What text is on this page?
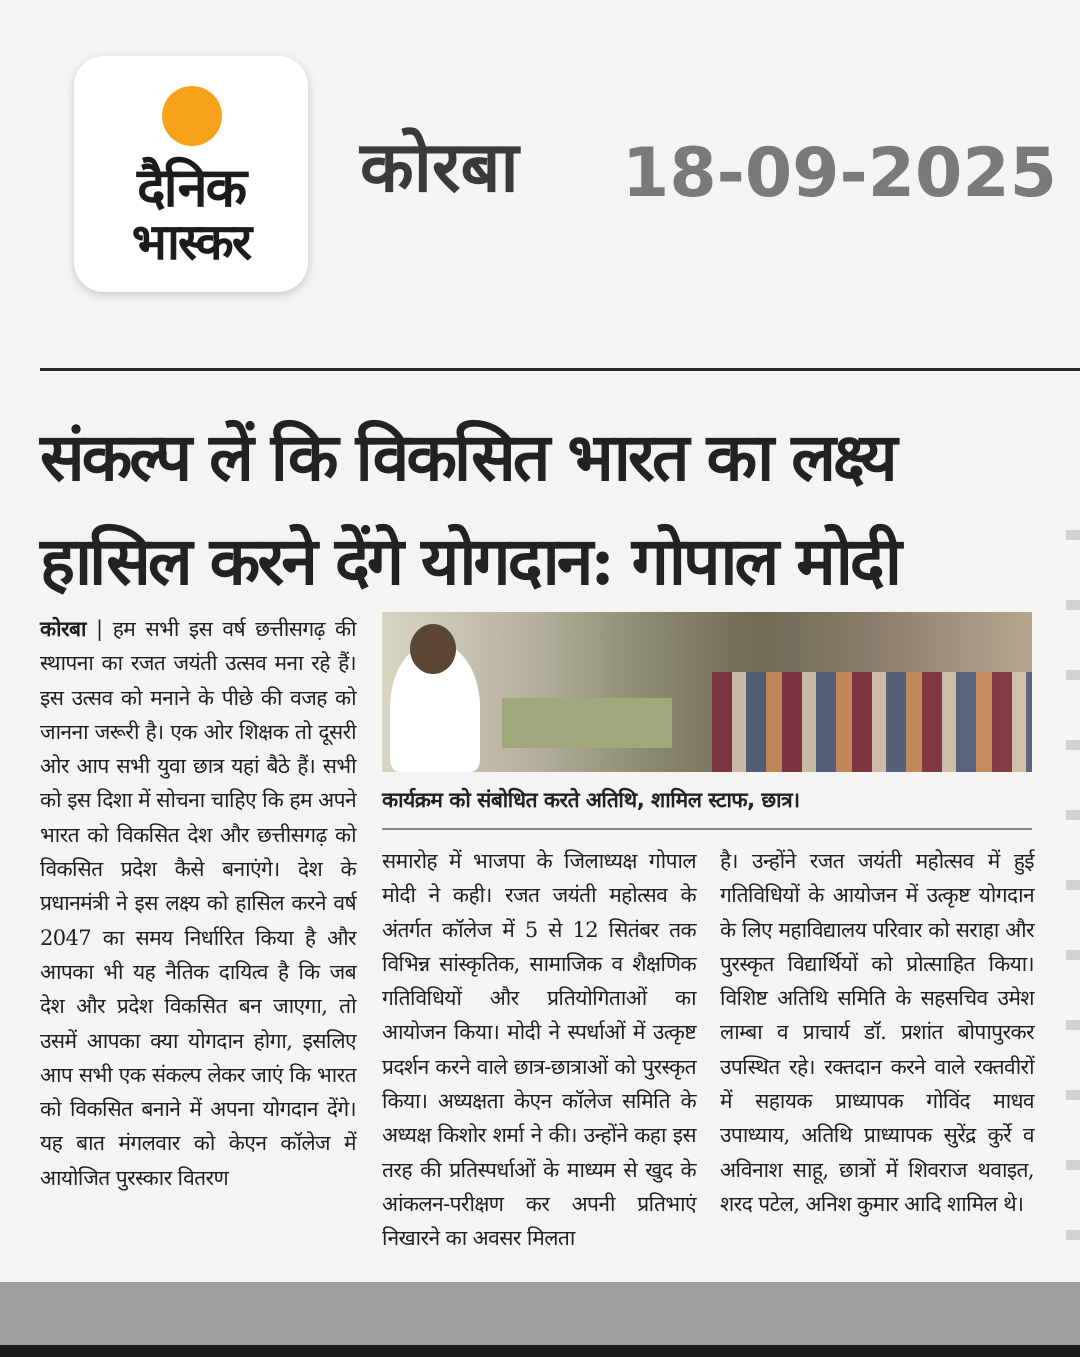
दैनिक
भास्कर
कोरबा 18-09-2025
संकल्प लें कि विकसित भारत का लक्ष्य
हासिल करने देंगे योगदान: गोपाल मोदी
कोरबा | हम सभी इस वर्ष छत्तीसगढ़ की स्थापना का रजत जयंती उत्सव मना रहे हैं। इस उत्सव को मनाने के पीछे की वजह को जानना जरूरी है। एक ओर शिक्षक तो दूसरी ओर आप सभी युवा छात्र यहां बैठे हैं। सभी को इस दिशा में सोचना चाहिए कि हम अपने भारत को विकसित देश और छत्तीसगढ़ को विकसित प्रदेश कैसे बनाएंगे। देश के प्रधानमंत्री ने इस लक्ष्य को हासिल करने वर्ष 2047 का समय निर्धारित किया है और आपका भी यह नैतिक दायित्व है कि जब देश और प्रदेश विकसित बन जाएगा, तो उसमें आपका क्या योगदान होगा, इसलिए आप सभी एक संकल्प लेकर जाएं कि भारत को विकसित बनाने में अपना योगदान देंगे। यह बात मंगलवार को केएन कॉलेज में आयोजित पुरस्कार वितरण
कार्यक्रम को संबोधित करते अतिथि, शामिल स्टाफ, छात्र।
समारोह में भाजपा के जिलाध्यक्ष गोपाल मोदी ने कही। रजत जयंती महोत्सव के अंतर्गत कॉलेज में 5 से 12 सितंबर तक विभिन्न सांस्कृतिक, सामाजिक व शैक्षणिक गतिविधियों और प्रतियोगिताओं का आयोजन किया। मोदी ने स्पर्धाओं में उत्कृष्ट प्रदर्शन करने वाले छात्र-छात्राओं को पुरस्कृत किया। अध्यक्षता केएन कॉलेज समिति के अध्यक्ष किशोर शर्मा ने की। उन्होंने कहा इस तरह की प्रतिस्पर्धाओं के माध्यम से खुद के आंकलन-परीक्षण कर अपनी प्रतिभाएं निखारने का अवसर मिलता
है। उन्होंने रजत जयंती महोत्सव में हुई गतिविधियों के आयोजन में उत्कृष्ट योगदान के लिए महाविद्यालय परिवार को सराहा और पुरस्कृत विद्यार्थियों को प्रोत्साहित किया। विशिष्ट अतिथि समिति के सहसचिव उमेश लाम्बा व प्राचार्य डॉ. प्रशांत बोपापुरकर उपस्थित रहे। रक्तदान करने वाले रक्तवीरों में सहायक प्राध्यापक गोविंद माधव उपाध्याय, अतिथि प्राध्यापक सुरेंद्र कुर्रे व अविनाश साहू, छात्रों में शिवराज थवाइत, शरद पटेल, अनिश कुमार आदि शामिल थे।
